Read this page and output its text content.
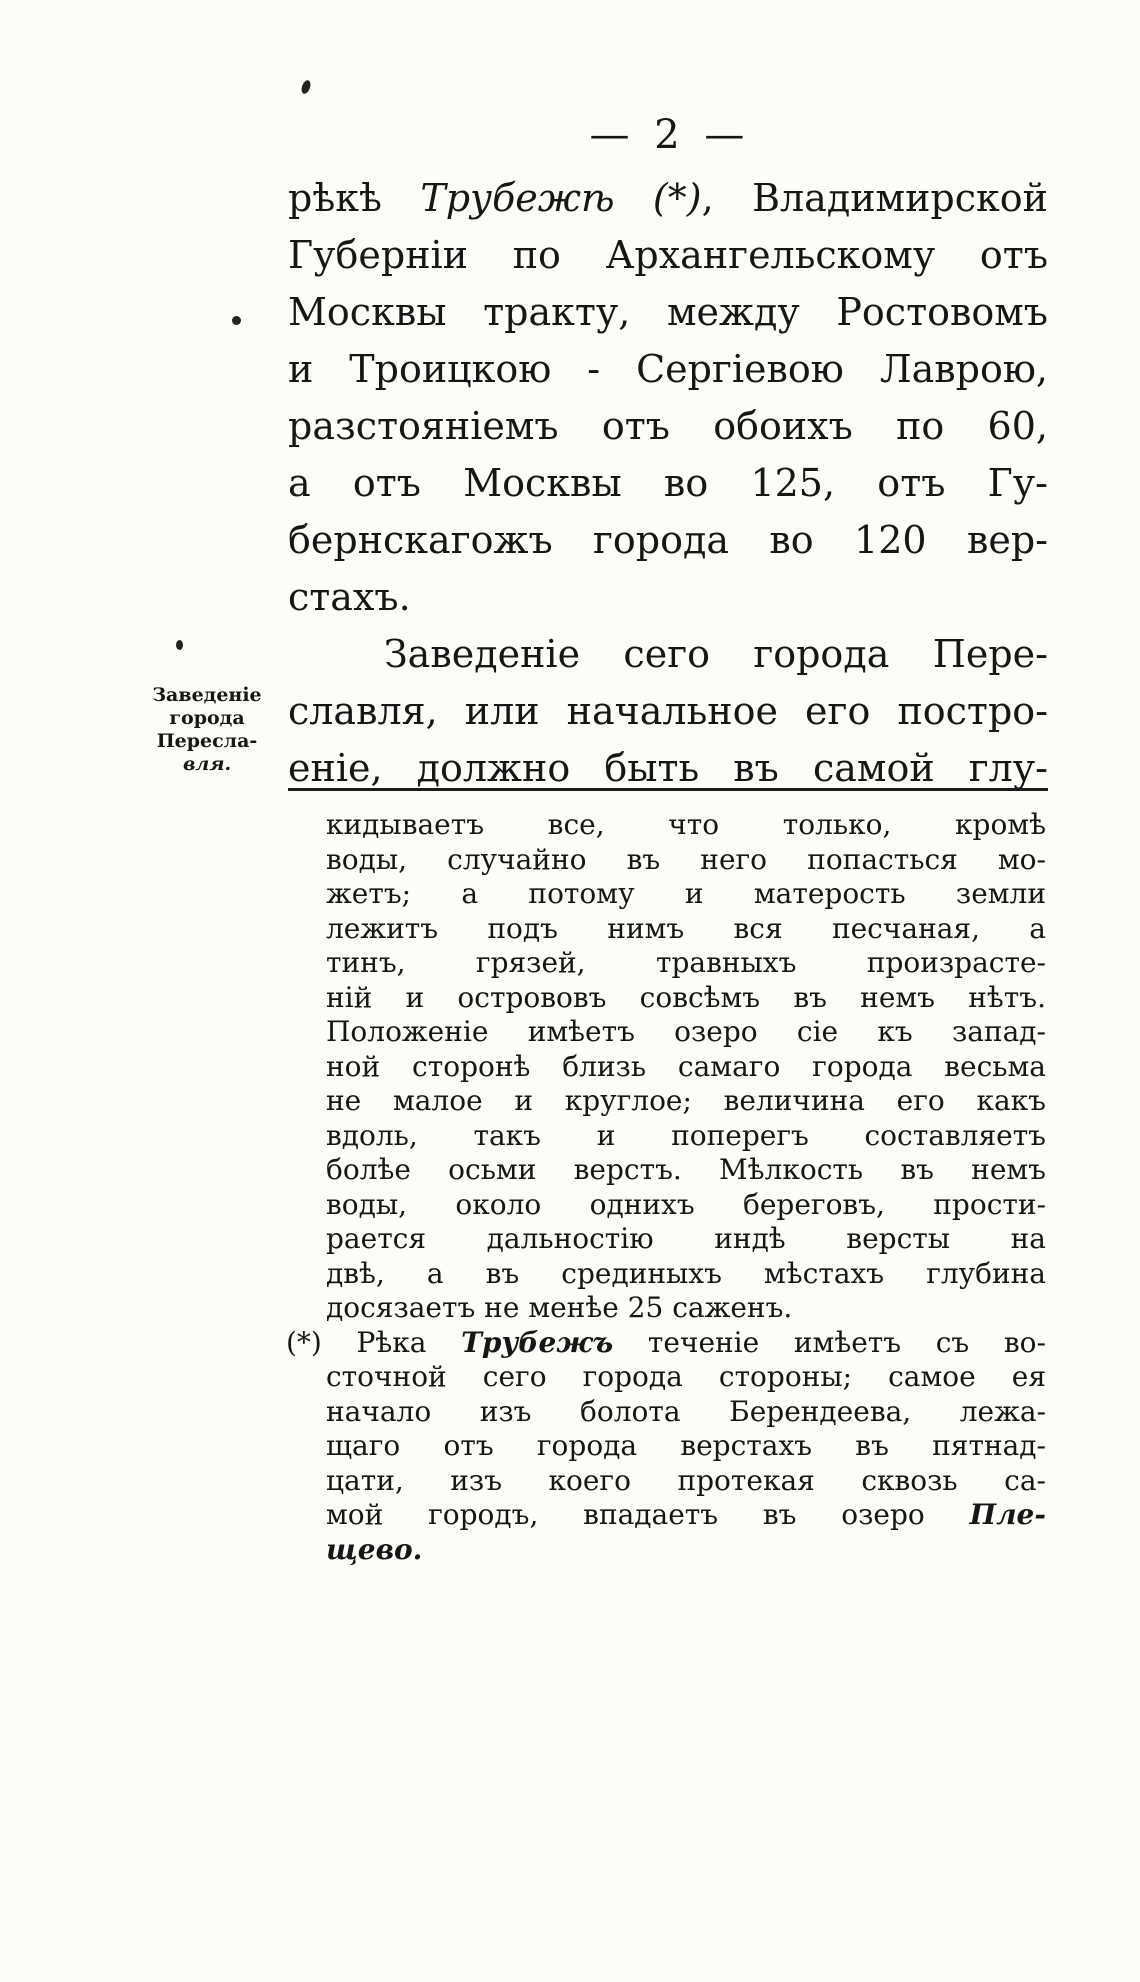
— 2 —
рѣкѣ Трубежѣ (*), Владимирской
Губерніи по Архангельскому отъ
Москвы тракту, между Ростовомъ
и Троицкою - Сергіевою Лаврою,
разстояніемъ отъ обоихъ по 60,
а отъ Москвы во 125, отъ Гу-
бернскагожъ города во 120 вер-
стахъ.
Заведеніе сего города Пере-
славля, или начальное его постро-
еніе, должно быть въ самой глу-
Заведеніе
города
Пересла-
вля.
кидываетъ все, что только, кромѣ
воды, случайно въ него попасться мо-
жетъ; а потому и матерость земли
лежитъ подъ нимъ вся песчаная, а
тинъ, грязей, травныхъ произрасте-
ній и острововъ совсѣмъ въ немъ нѣтъ.
Положеніе имѣетъ озеро сіе къ запад-
ной сторонѣ близь самаго города весьма
не малое и круглое; величина его какъ
вдоль, такъ и поперегъ составляетъ
болѣе осьми верстъ. Мѣлкость въ немъ
воды, около однихъ береговъ, прости-
рается дальностію индѣ версты на
двѣ, а въ срединыхъ мѣстахъ глубина
досязаетъ не менѣе 25 саженъ.
(*) Рѣка Трубежъ теченіе имѣетъ съ во-
сточной сего города стороны; самое ея
начало изъ болота Берендеева, лежа-
щаго отъ города верстахъ въ пятнад-
цати, изъ коего протекая сквозь са-
мой городъ, впадаетъ въ озеро Пле-
щево.
